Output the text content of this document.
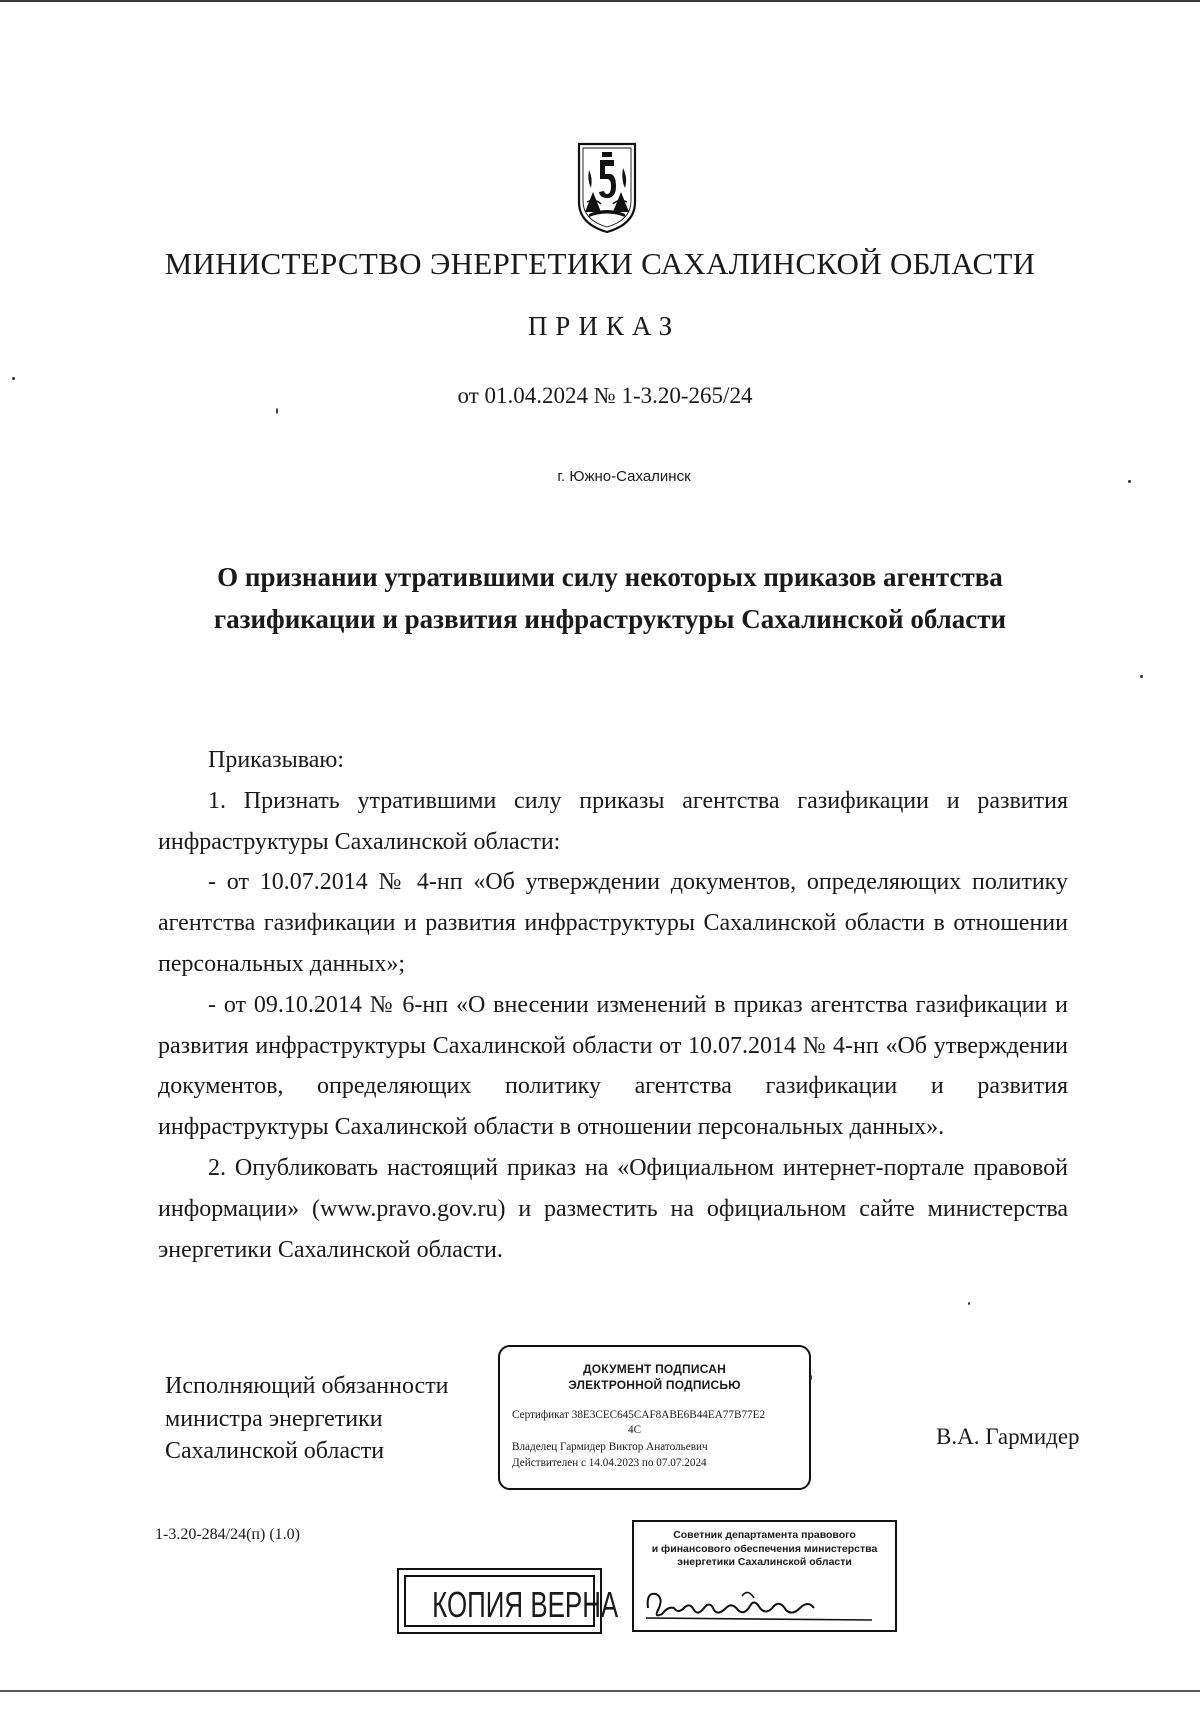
МИНИСТЕРСТВО ЭНЕРГЕТИКИ САХАЛИНСКОЙ ОБЛАСТИ
ПРИКАЗ
от 01.04.2024 № 1-3.20-265/24
г. Южно-Сахалинск
О признании утратившими силу некоторых приказов агентства газификации и развития инфраструктуры Сахалинской области

Приказываю:

1. Признать утратившими силу приказы агентства газификации и развития инфраструктуры Сахалинской области:

- от 10.07.2014 № 4-нп «Об утверждении документов, определяющих политику агентства газификации и развития инфраструктуры Сахалинской области в отношении персональных данных»;

- от 09.10.2014 № 6-нп «О внесении изменений в приказ агентства газификации и развития инфраструктуры Сахалинской области от 10.07.2014 № 4-нп «Об утверждении документов, определяющих политику агентства газификации и развития инфраструктуры Сахалинской области в отношении персональных данных».

2. Опубликовать настоящий приказ на «Официальном интернет-портале правовой информации» (www.pravo.gov.ru) и разместить на официальном сайте министерства энергетики Сахалинской области.

Исполняющий обязанности министра энергетики Сахалинской области
ДОКУМЕНТ ПОДПИСАН
ЭЛЕКТРОННОЙ ПОДПИСЬЮ
Сертификат 38E3CEC645CAF8ABE6B44EA77B77E2
4C
Владелец Гармидер Виктор Анатольевич
Действителен с 14.04.2023 по 07.07.2024
В.А. Гармидер
1-3.20-284/24(п) (1.0)
КОПИЯ ВЕРНА
Советник департамента правового
и финансового обеспечения министерства
энергетики Сахалинской области
